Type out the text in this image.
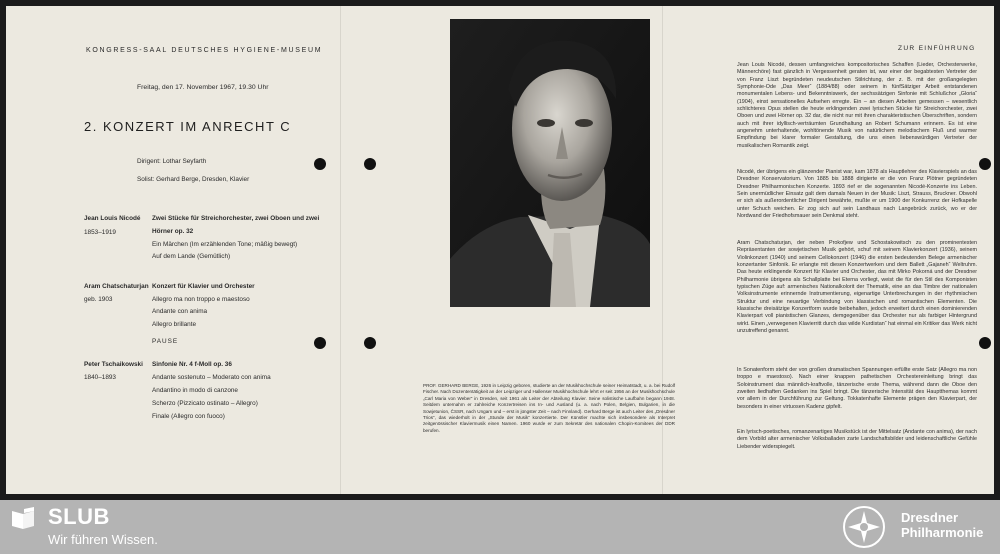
KONGRESS-SAAL DEUTSCHES HYGIENE-MUSEUM
Freitag, den 17. November 1967, 19.30 Uhr
2. KONZERT IM ANRECHT C
Dirigent: Lothar Seyfarth
Solist: Gerhard Berge, Dresden, Klavier
Jean Louis Nicodé
1853–1919
Zwei Stücke für Streichorchester, zwei Oboen und zwei
Hörner op. 32
Ein Märchen (Im erzählenden Tone; mäßig bewegt)
Auf dem Lande (Gemütlich)
Aram Chatschaturjan
geb. 1903
Konzert für Klavier und Orchester
Allegro ma non troppo e maestoso
Andante con anima
Allegro brillante
PAUSE
Peter Tschaikowski
1840–1893
Sinfonie Nr. 4 f-Moll op. 36
Andante sostenuto – Moderato con anima
Andantino in modo di canzone
Scherzo (Pizzicato ostinato – Allegro)
Finale (Allegro con fuoco)
PROF. GERHARD BERGE, 1926 in Leipzig geboren, studierte an der Musikhochschule seiner Heimatstadt, u. a. bei Rudolf Fischer. Nach Dozententätigkeit an der Leipziger und Hallenser Musikhochschule lehrt er seit 1956 an der Musikhochschule „Carl Maria von Weber“ in Dresden, seit 1961 als Leiter der Abteilung Klavier. Seine solistische Laufbahn begann 1948. Seitdem unternahm er zahlreiche Konzertreisen ins In- und Ausland (u. a. nach Polen, Belgien, Bulgarien, in die Sowjetunion, ČSSR, nach Ungarn und – erst in jüngster Zeit – nach Finnland). Gerhard Berge ist auch Leiter des „Dresdner Trios“, das wiederholt in der „Stunde der Musik“ konzertierte. Der Künstler machte sich insbesondere als Interpret zeitgenössischer Klaviermusik einen Namen. 1960 wurde er zum Sekretär des nationalen Chopin-Komitees der DDR berufen.
ZUR EINFÜHRUNG
Jean Louis Nicodé, dessen umfangreiches kompositorisches Schaffen (Lieder, Orchesterwerke, Männerchöre) fast gänzlich in Vergessenheit geraten ist, war einer der begabtesten Vertreter der von Franz Liszt begründeten neudeutschen Stilrichtung, der z. B. mit der großangelegten Symphonie-Ode „Das Meer“ (1884/88) oder seinem in fünfSätziger Arbeit entstandenen monumentalen Lebens- und Bekenntniswerk, der sechssätzigen Sinfonie mit Schlußchor „Gloria“ (1904), einst sensationelles Aufsehen erregte. Ein – an diesen Arbeiten gemessen – wesentlich schlichteres Opus stellen die heute erklingenden zwei lyrischen Stücke für Streichorchester, zwei Oboen und zwei Hörner op. 32 dar, die nicht nur mit ihren charakteristischen Überschriften, sondern auch mit ihrer idyllisch-verträumten Grundhaltung an Robert Schumann erinnern. Es ist eine angenehm unterhaltende, wohltönende Musik von natürlichem melodischem Fluß und warmer Empfindung bei klarer formaler Gestaltung, die uns einen liebenswürdigen Vertreter der musikalischen Romantik zeigt.
Nicodé, der übrigens ein glänzender Pianist war, kam 1878 als Hauptlehrer des Klavierspiels an das Dresdner Konservatorium. Von 1885 bis 1888 dirigierte er die von Franz Plötner gegründeten Dresdner Philharmonischen Konzerte. 1893 rief er die sogenannten Nicodé-Konzerte ins Leben. Sein unermüdlicher Einsatz galt dem damals Neuen in der Musik: Liszt, Strauss, Bruckner. Obwohl er sich als außerordentlicher Dirigent bewährte, mußte er um 1900 der Konkurrenz der Hofkapelle unter Schuch weichen. Er zog sich auf sein Landhaus nach Langebrück zurück, wo er der Nordwand der Friedhofsmauer sein Denkmal steht.
Aram Chatschaturjan, der neben Prokofjew und Schostakowitsch zu den prominentesten Repräsentanten der sowjetischen Musik gehört, schuf mit seinem Klavierkonzert (1936), seinem Violinkonzert (1940) und seinem Cellokonzert (1946) die ersten bedeutenden Belege armenischer konzertanter Sinfonik. Er erlangte mit diesen Konzertwerken und dem Ballett „Gajaneh“ Weltruhm. Das heute erklingende Konzert für Klavier und Orchester, das mit Mirko Pokorná und der Dresdner Philharmonie übrigens als Schallplatte bei Eterna vorliegt, weist die für den Stil des Komponisten typischen Züge auf: armenisches Nationalkolorit der Thematik, eine an das Timbre der nationalen Volksinstrumente erinnernde Instrumentierung, eigenartige Unterbrechungen in der rhythmischen Struktur und eine neuartige Verbindung von klassischen und romantischen Elementen. Die klassische dreisätzige Konzertform wurde beibehalten, jedoch erweitert durch einen dominierenden Klavierpart voll pianistischen Glanzes, demgegenüber das Orchester nur als farbiger Hintergrund wirkt. Einen „verwegenen Klavierritt durch das wilde Kurdistan“ hat einmal ein Kritiker das Werk nicht unzutreffend genannt.
In Sonatenform steht der von großen dramatischen Spannungen erfüllte erste Satz (Allegro ma non troppo e maestoso). Nach einer knappen pathetischen Orchestereinleitung bringt das Soloinstrument das männlich-kraftvolle, tänzerische erste Thema, während dann die Oboe den zweiten liedhaften Gedanken ins Spiel bringt. Die tänzerische Intensität des Hauptthemas kommt vor allem in der Durchführung zur Geltung. Tokkatenhafte Elemente prägen den Klavierpart, der besonders in einer virtuosen Kadenz gipfelt.
Ein lyrisch-poetisches, romanzenartiges Musikstück ist der Mittelsatz (Andante con anima), der nach dem Vorbild alter armenischer Volksballaden zarte Landschaftsbilder und leidenschaftliche Gefühle Liebender widerspiegelt.
SLUB
Wir führen Wissen.
Dresdner
Philharmonie
